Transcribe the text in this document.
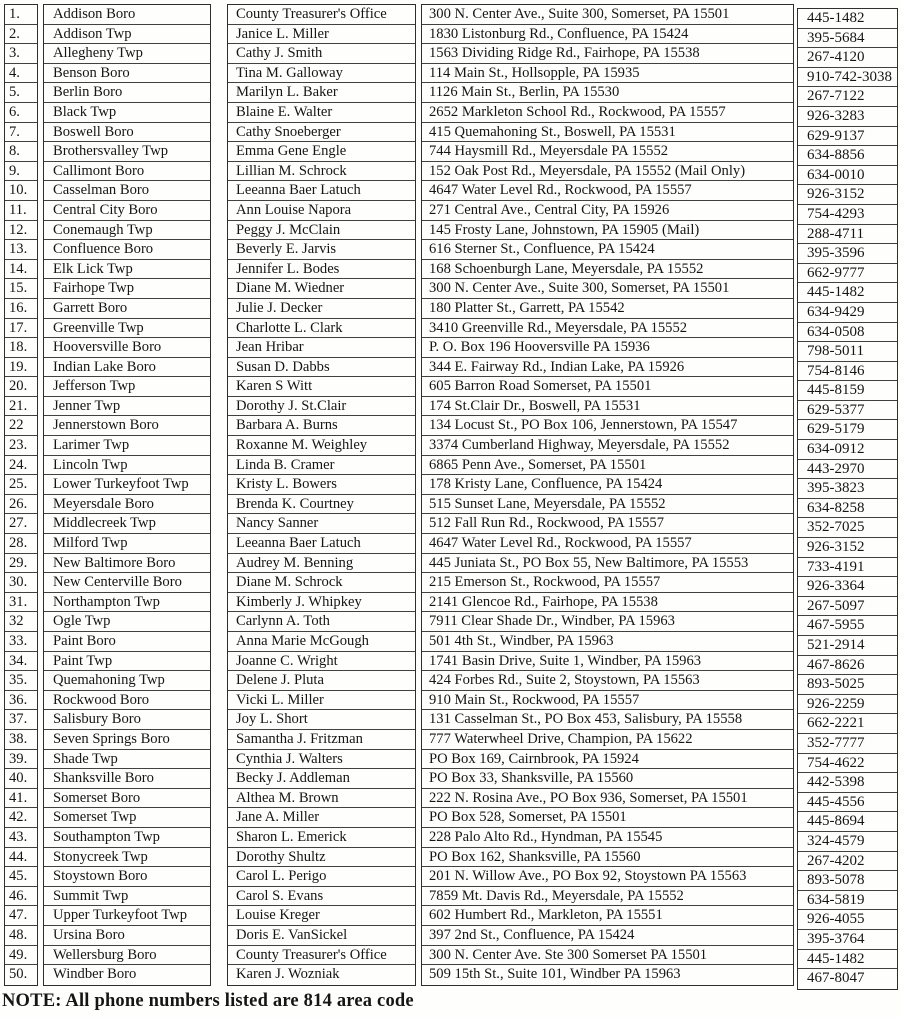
1.
2.
3.
4.
5.
6.
7.
8.
9.
10.
11.
12.
13.
14.
15.
16.
17.
18.
19.
20.
21.
22
23.
24.
25.
26.
27.
28.
29.
30.
31.
32
33.
34.
35.
36.
37.
38.
39.
40.
41.
42.
43.
44.
45.
46.
47.
48.
49.
50.
Addison Boro
Addison Twp
Allegheny Twp
Benson Boro
Berlin Boro
Black Twp
Boswell Boro
Brothersvalley Twp
Callimont Boro
Casselman Boro
Central City Boro
Conemaugh Twp
Confluence Boro
Elk Lick Twp
Fairhope Twp
Garrett Boro
Greenville Twp
Hooversville Boro
Indian Lake Boro
Jefferson Twp
Jenner Twp
Jennerstown Boro
Larimer Twp
Lincoln Twp
Lower Turkeyfoot Twp
Meyersdale Boro
Middlecreek Twp
Milford Twp
New Baltimore Boro
New Centerville Boro
Northampton Twp
Ogle Twp
Paint Boro
Paint Twp
Quemahoning Twp
Rockwood Boro
Salisbury Boro
Seven Springs Boro
Shade Twp
Shanksville Boro
Somerset Boro
Somerset Twp
Southampton Twp
Stonycreek Twp
Stoystown Boro
Summit Twp
Upper Turkeyfoot Twp
Ursina Boro
Wellersburg Boro
Windber Boro
County Treasurer's Office
Janice L. Miller
Cathy J. Smith
Tina M. Galloway
Marilyn L. Baker
Blaine E. Walter
Cathy Snoeberger
Emma Gene Engle
Lillian M. Schrock
Leeanna Baer Latuch
Ann Louise Napora
Peggy J. McClain
Beverly E. Jarvis
Jennifer L. Bodes
Diane M. Wiedner
Julie J. Decker
Charlotte L. Clark
Jean Hribar
Susan D. Dabbs
Karen S Witt
Dorothy J. St.Clair
Barbara A. Burns
Roxanne M. Weighley
Linda B. Cramer
Kristy L. Bowers
Brenda K. Courtney
Nancy Sanner
Leeanna Baer Latuch
Audrey M. Benning
Diane M. Schrock
Kimberly J. Whipkey
Carlynn A. Toth
Anna Marie McGough
Joanne C. Wright
Delene J. Pluta
Vicki L. Miller
Joy L. Short
Samantha J. Fritzman
Cynthia J. Walters
Becky J. Addleman
Althea M. Brown
Jane A. Miller
Sharon L. Emerick
Dorothy Shultz
Carol L. Perigo
Carol S. Evans
Louise Kreger
Doris E. VanSickel
County Treasurer's Office
Karen J. Wozniak
300 N. Center Ave., Suite 300, Somerset, PA 15501
1830 Listonburg Rd., Confluence, PA 15424
1563 Dividing Ridge Rd., Fairhope, PA 15538
114 Main St., Hollsopple, PA 15935
1126 Main St., Berlin, PA 15530
2652 Markleton School Rd., Rockwood, PA 15557
415 Quemahoning St., Boswell, PA 15531
744 Haysmill Rd., Meyersdale PA 15552
152 Oak Post Rd., Meyersdale, PA 15552 (Mail Only)
4647 Water Level Rd., Rockwood, PA 15557
271 Central Ave., Central City, PA 15926
145 Frosty Lane, Johnstown, PA 15905 (Mail)
616 Sterner St., Confluence, PA 15424
168 Schoenburgh Lane, Meyersdale, PA 15552
300 N. Center Ave., Suite 300, Somerset, PA 15501
180 Platter St., Garrett, PA 15542
3410 Greenville Rd., Meyersdale, PA 15552
P. O. Box 196 Hooversville PA 15936
344 E. Fairway Rd., Indian Lake, PA 15926
605 Barron Road Somerset, PA 15501
174 St.Clair Dr., Boswell, PA 15531
134 Locust St., PO Box 106, Jennerstown, PA 15547
3374 Cumberland Highway, Meyersdale, PA 15552
6865 Penn Ave., Somerset, PA 15501
178 Kristy Lane, Confluence, PA 15424
515 Sunset Lane, Meyersdale, PA 15552
512 Fall Run Rd., Rockwood, PA 15557
4647 Water Level Rd., Rockwood, PA 15557
445 Juniata St., PO Box 55, New Baltimore, PA 15553
215 Emerson St., Rockwood, PA 15557
2141 Glencoe Rd., Fairhope, PA 15538
7911 Clear Shade Dr., Windber, PA 15963
501 4th St., Windber, PA 15963
1741 Basin Drive, Suite 1, Windber, PA 15963
424 Forbes Rd., Suite 2, Stoystown, PA 15563
910 Main St., Rockwood, PA 15557
131 Casselman St., PO Box 453, Salisbury, PA 15558
777 Waterwheel Drive, Champion, PA 15622
PO Box 169, Cairnbrook, PA 15924
PO Box 33, Shanksville, PA 15560
222 N. Rosina Ave., PO Box 936, Somerset, PA 15501
PO Box 528, Somerset, PA 15501
228 Palo Alto Rd., Hyndman, PA 15545
PO Box 162, Shanksville, PA 15560
201 N. Willow Ave., PO Box 92, Stoystown PA 15563
7859 Mt. Davis Rd., Meyersdale, PA 15552
602 Humbert Rd., Markleton, PA 15551
397 2nd St., Confluence, PA 15424
300 N. Center Ave. Ste 300 Somerset PA 15501
509 15th St., Suite 101, Windber PA 15963
445-1482
395-5684
267-4120
910-742-3038
267-7122
926-3283
629-9137
634-8856
634-0010
926-3152
754-4293
288-4711
395-3596
662-9777
445-1482
634-9429
634-0508
798-5011
754-8146
445-8159
629-5377
629-5179
634-0912
443-2970
395-3823
634-8258
352-7025
926-3152
733-4191
926-3364
267-5097
467-5955
521-2914
467-8626
893-5025
926-2259
662-2221
352-7777
754-4622
442-5398
445-4556
445-8694
324-4579
267-4202
893-5078
634-5819
926-4055
395-3764
445-1482
467-8047
NOTE: All phone numbers listed are 814 area code
